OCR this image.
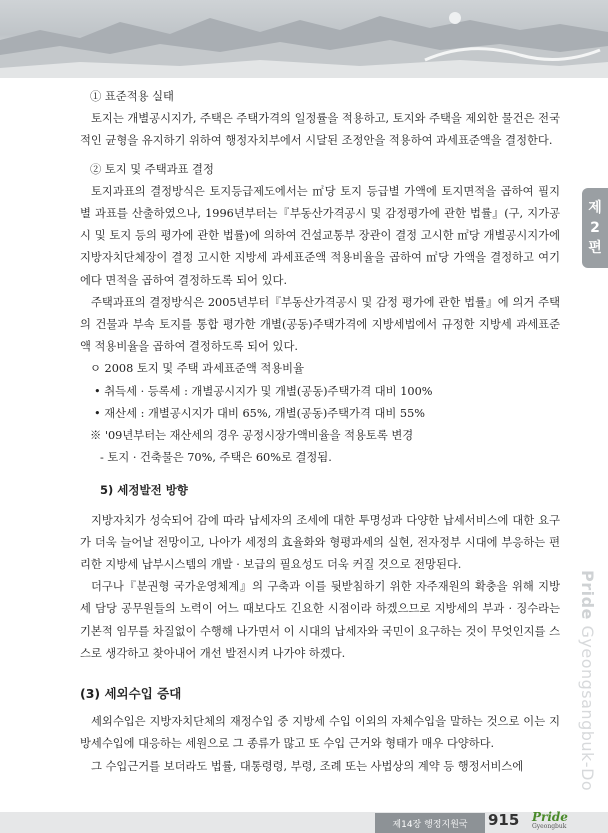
제
2
편
Pride Gyeongsangbuk-Do

① 표준적용 실태

토지는 개별공시지가, 주택은 주택가격의 일정률을 적용하고, 토지와 주택을 제외한 물건은 전국적인 균형을 유지하기 위하여 행정자치부에서 시달된 조정안을 적용하여 과세표준액을 결정한다.

② 토지 및 주택과표 결정

토지과표의 결정방식은 토지등급제도에서는 ㎡당 토지 등급별 가액에 토지면적을 곱하여 필지별 과표를 산출하였으나, 1996년부터는『부동산가격공시 및 감정평가에 관한 법률』(구, 지가공시 및 토지 등의 평가에 관한 법률)에 의하여 건설교통부 장관이 결정 고시한 ㎡당 개별공시지가에 지방자치단체장이 결정 고시한 지방세 과세표준액 적용비율을 곱하여 ㎡당 가액을 결정하고 여기에다 면적을 곱하여 결정하도록 되어 있다.

주택과표의 결정방식은 2005년부터『부동산가격공시 및 감정 평가에 관한 법률』에 의거 주택의 건물과 부속 토지를 통합 평가한 개별(공동)주택가격에 지방세법에서 규정한 지방세 과세표준액 적용비율을 곱하여 결정하도록 되어 있다.

ㅇ 2008 토지 및 주택 과세표준액 적용비율

• 취득세 · 등록세 : 개별공시지가 및 개별(공동)주택가격 대비 100%

• 재산세 : 개별공시지가 대비 65%, 개별(공동)주택가격 대비 55%

※ '09년부터는 재산세의 경우 공정시장가액비율을 적용토록 변경

- 토지 · 건축물은 70%, 주택은 60%로 결정됨.

5) 세정발전 방향

지방자치가 성숙되어 감에 따라 납세자의 조세에 대한 투명성과 다양한 납세서비스에 대한 요구가 더욱 늘어날 전망이고, 나아가 세정의 효율화와 형평과세의 실현, 전자정부 시대에 부응하는 편리한 지방세 납부시스템의 개발 · 보급의 필요성도 더욱 커질 것으로 전망된다.

더구나『분권형 국가운영체계』의 구축과 이를 뒷받침하기 위한 자주재원의 확충을 위해 지방세 담당 공무원들의 노력이 어느 때보다도 긴요한 시점이라 하겠으므로 지방세의 부과 · 징수라는 기본적 임무를 차질없이 수행해 나가면서 이 시대의 납세자와 국민이 요구하는 것이 무엇인지를 스스로 생각하고 찾아내어 개선 발전시켜 나가야 하겠다.

(3) 세외수입 증대

세외수입은 지방자치단체의 재정수입 중 지방세 수입 이외의 자체수입을 말하는 것으로 이는 지방세수입에 대응하는 세원으로 그 종류가 많고 또 수입 근거와 형태가 매우 다양하다.

그 수입근거를 보더라도 법률, 대통령령, 부령, 조례 또는 사법상의 계약 등 행정서비스에

제14장 행정지원국	915 Pride
Gyeongbuk
